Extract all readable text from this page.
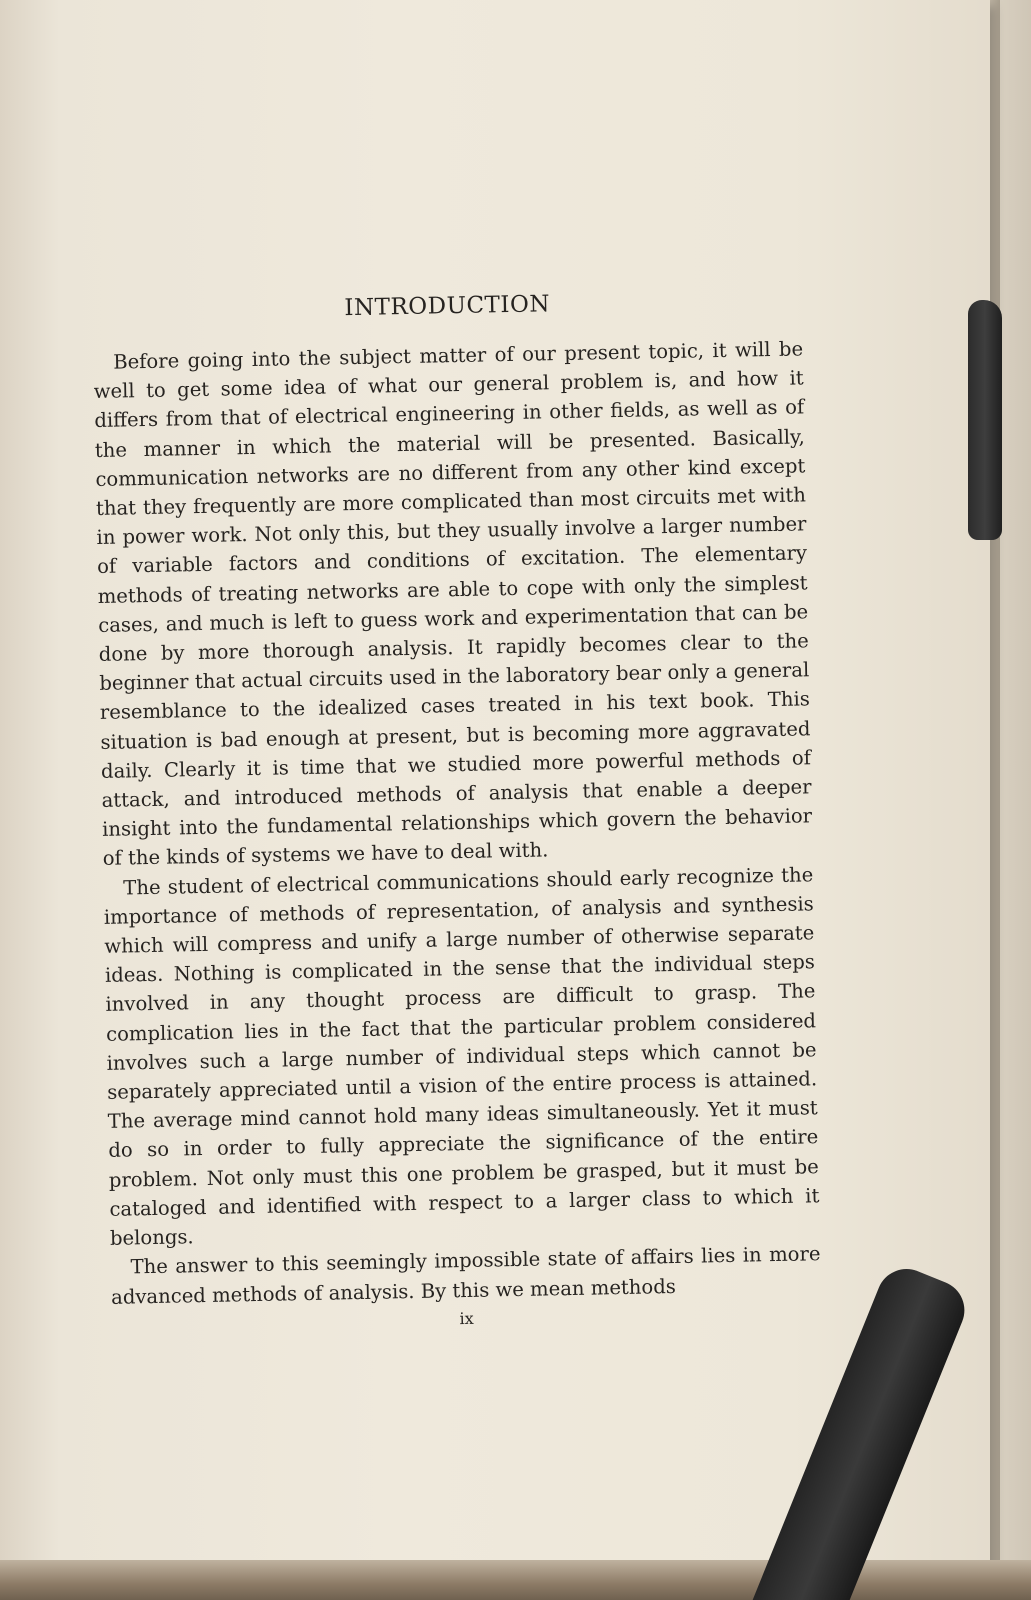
INTRODUCTION

Before going into the subject matter of our present topic, it will be well to get some idea of what our general problem is, and how it differs from that of electrical engineering in other fields, as well as of the manner in which the material will be presented. Basically, communication networks are no different from any other kind except that they frequently are more complicated than most circuits met with in power work. Not only this, but they usually involve a larger number of variable factors and conditions of excitation. The elementary methods of treating networks are able to cope with only the simplest cases, and much is left to guess work and experimentation that can be done by more thorough analysis. It rapidly becomes clear to the beginner that actual circuits used in the laboratory bear only a general resemblance to the idealized cases treated in his text book. This situation is bad enough at present, but is becoming more aggravated daily. Clearly it is time that we studied more powerful methods of attack, and introduced methods of analysis that enable a deeper insight into the fundamental relationships which govern the behavior of the kinds of systems we have to deal with.

The student of electrical communications should early recognize the importance of methods of representation, of analysis and synthesis which will compress and unify a large number of otherwise separate ideas. Nothing is complicated in the sense that the individual steps involved in any thought process are difficult to grasp. The complication lies in the fact that the particular problem considered involves such a large number of individual steps which cannot be separately appreciated until a vision of the entire process is attained. The average mind cannot hold many ideas simultaneously. Yet it must do so in order to fully appreciate the significance of the entire problem. Not only must this one problem be grasped, but it must be cataloged and identified with respect to a larger class to which it belongs.

The answer to this seemingly impossible state of affairs lies in more advanced methods of analysis. By this we mean methods

ix
